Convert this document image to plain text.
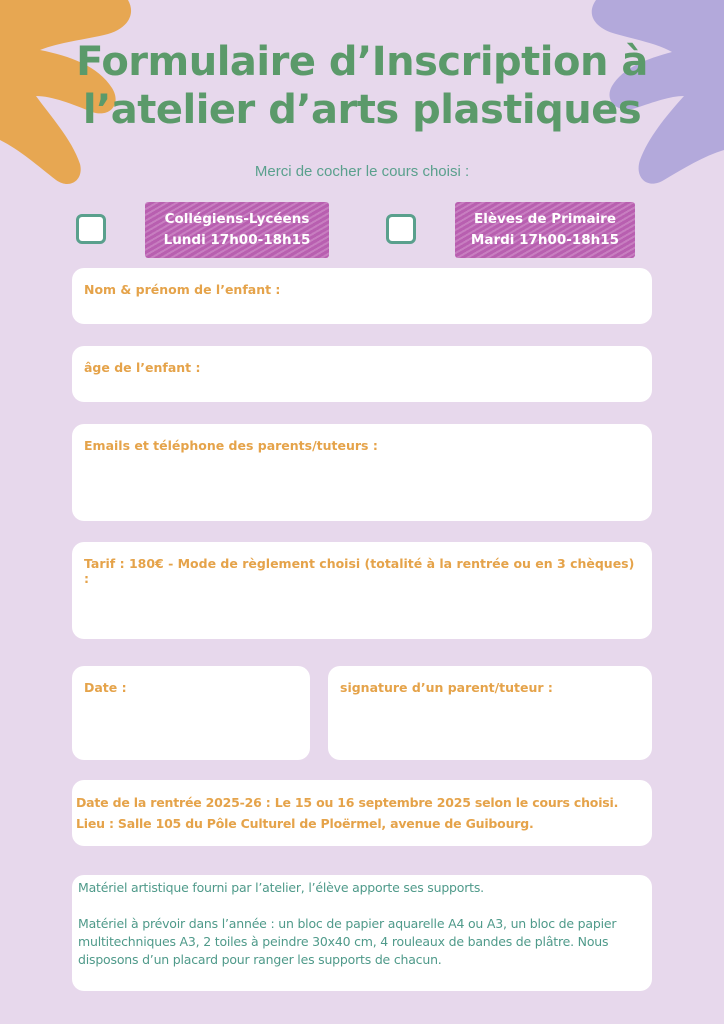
Formulaire d’Inscription à
l’atelier d’arts plastiques
Merci de cocher le cours choisi :
Collégiens-Lycéens
Lundi 17h00-18h15
Elèves de Primaire
Mardi 17h00-18h15
Nom & prénom de l’enfant :
âge de l’enfant :
Emails et téléphone des parents/tuteurs :
Tarif : 180€ - Mode de règlement choisi (totalité à la rentrée ou en 3 chèques) :
Date :	signature d’un parent/tuteur :
Date de la rentrée 2025-26 : Le 15 ou 16 septembre 2025 selon le cours choisi.
Lieu : Salle 105 du Pôle Culturel de Ploërmel, avenue de Guibourg.

Matériel artistique fourni par l’atelier, l’élève apporte ses supports.

Matériel à prévoir dans l’année : un bloc de papier aquarelle A4 ou A3, un bloc de papier multitechniques A3, 2 toiles à peindre 30x40 cm, 4 rouleaux de bandes de plâtre. Nous disposons d’un placard pour ranger les supports de chacun.
